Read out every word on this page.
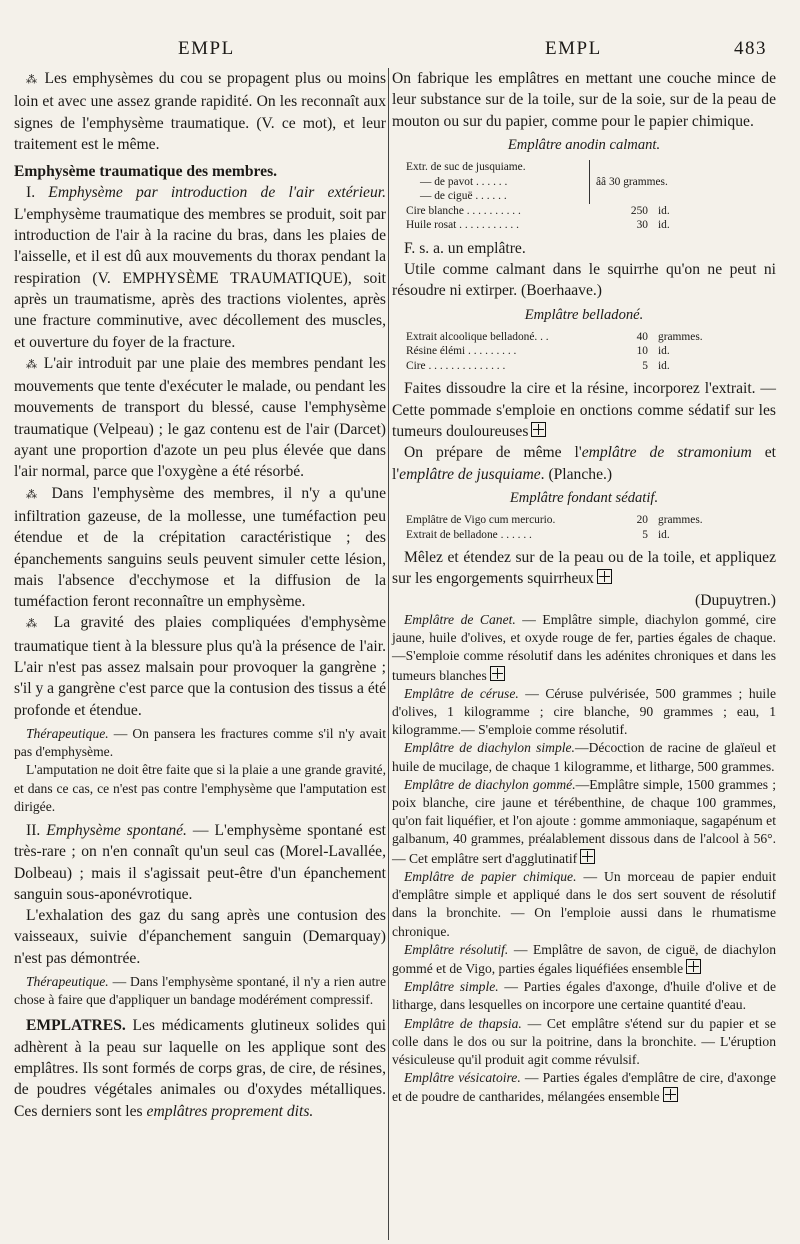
EMPL	EMPL	483

⁂ Les emphysèmes du cou se propagent plus ou moins loin et avec une assez grande rapidité. On les reconnaît aux signes de l'emphysème traumatique. (V. ce mot), et leur traitement est le même.

Emphysème traumatique des membres.

I. Emphysème par introduction de l'air extérieur. L'emphysème traumatique des membres se produit, soit par introduction de l'air à la racine du bras, dans les plaies de l'aisselle, et il est dû aux mouvements du thorax pendant la respiration (V. EMPHYSÈME TRAUMATIQUE), soit après un traumatisme, après des tractions violentes, après une fracture comminutive, avec décollement des muscles, et ouverture du foyer de la fracture.

⁂ L'air introduit par une plaie des membres pendant les mouvements que tente d'exécuter le malade, ou pendant les mouvements de transport du blessé, cause l'emphysème traumatique (Velpeau) ; le gaz contenu est de l'air (Darcet) ayant une proportion d'azote un peu plus élevée que dans l'air normal, parce que l'oxygène a été résorbé.

⁂ Dans l'emphysème des membres, il n'y a qu'une infiltration gazeuse, de la mollesse, une tuméfaction peu étendue et de la crépitation caractéristique ; des épanchements sanguins seuls peuvent simuler cette lésion, mais l'absence d'ecchymose et la diffusion de la tuméfaction feront reconnaître un emphysème.

⁂ La gravité des plaies compliquées d'emphysème traumatique tient à la blessure plus qu'à la présence de l'air. L'air n'est pas assez malsain pour provoquer la gangrène ; s'il y a gangrène c'est parce que la contusion des tissus a été profonde et étendue.

Thérapeutique. — On pansera les fractures comme s'il n'y avait pas d'emphysème.

L'amputation ne doit être faite que si la plaie a une grande gravité, et dans ce cas, ce n'est pas contre l'emphysème que l'amputation est dirigée.

II. Emphysème spontané. — L'emphysème spontané est très-rare ; on n'en connaît qu'un seul cas (Morel-Lavallée, Dolbeau) ; mais il s'agissait peut-être d'un épanchement sanguin sous-aponévrotique.

L'exhalation des gaz du sang après une contusion des vaisseaux, suivie d'épanchement sanguin (Demarquay) n'est pas démontrée.

Thérapeutique. — Dans l'emphysème spontané, il n'y a rien autre chose à faire que d'appliquer un bandage modérément compressif.

EMPLATRES. Les médicaments glutineux solides qui adhèrent à la peau sur laquelle on les applique sont des emplâtres. Ils sont formés de corps gras, de cire, de résines, de poudres végétales animales ou d'oxydes métalliques. Ces derniers sont les emplâtres proprement dits.

On fabrique les emplâtres en mettant une couche mince de leur substance sur de la toile, sur de la soie, sur de la peau de mouton ou sur du papier, comme pour le papier chimique.

Emplâtre anodin calmant.
Extr. de suc de jusquiame.
— de pavot . . . . . .
— de ciguë . . . . . .
ââ 30 grammes.
Cire blanche . . . . . . . . . .	250 id.
Huile rosat . . . . . . . . . . .	30 id.

F. s. a. un emplâtre.

Utile comme calmant dans le squirrhe qu'on ne peut ni résoudre ni extirper. (Boerhaave.)

Emplâtre belladoné.
Extrait alcoolique belladoné. . .	40 grammes.
Résine élémi . . . . . . . . .	10 id.
Cire . . . . . . . . . . . . . .	5 id.

Faites dissoudre la cire et la résine, incorporez l'extrait. —Cette pommade s'emploie en onctions comme sédatif sur les tumeurs douloureuses

On prépare de même l'emplâtre de stramonium et l'emplâtre de jusquiame. (Planche.)

Emplâtre fondant sédatif.
Emplâtre de Vigo cum mercurio.	20 grammes.
Extrait de belladone . . . . . .	5 id.

Mêlez et étendez sur de la peau ou de la toile, et appliquez sur les engorgements squirrheux

(Dupuytren.)

Emplâtre de Canet. — Emplâtre simple, diachylon gommé, cire jaune, huile d'olives, et oxyde rouge de fer, parties égales de chaque.—S'emploie comme résolutif dans les adénites chroniques et dans les tumeurs blanches

Emplâtre de céruse. — Céruse pulvérisée, 500 grammes ; huile d'olives, 1 kilogramme ; cire blanche, 90 grammes ; eau, 1 kilogramme.— S'emploie comme résolutif.

Emplâtre de diachylon simple.—Décoction de racine de glaïeul et huile de mucilage, de chaque 1 kilogramme, et litharge, 500 grammes.

Emplâtre de diachylon gommé.—Emplâtre simple, 1500 grammes ; poix blanche, cire jaune et térébenthine, de chaque 100 grammes, qu'on fait liquéfier, et l'on ajoute : gomme ammoniaque, sagapénum et galbanum, 40 grammes, préalablement dissous dans de l'alcool à 56°. — Cet emplâtre sert d'agglutinatif

Emplâtre de papier chimique. — Un morceau de papier enduit d'emplâtre simple et appliqué dans le dos sert souvent de résolutif dans la bronchite. — On l'emploie aussi dans le rhumatisme chronique.

Emplâtre résolutif. — Emplâtre de savon, de ciguë, de diachylon gommé et de Vigo, parties égales liquéfiées ensemble

Emplâtre simple. — Parties égales d'axonge, d'huile d'olive et de litharge, dans lesquelles on incorpore une certaine quantité d'eau.

Emplâtre de thapsia. — Cet emplâtre s'étend sur du papier et se colle dans le dos ou sur la poitrine, dans la bronchite. — L'éruption vésiculeuse qu'il produit agit comme révulsif.

Emplâtre vésicatoire. — Parties égales d'emplâtre de cire, d'axonge et de poudre de cantharides, mélangées ensemble
